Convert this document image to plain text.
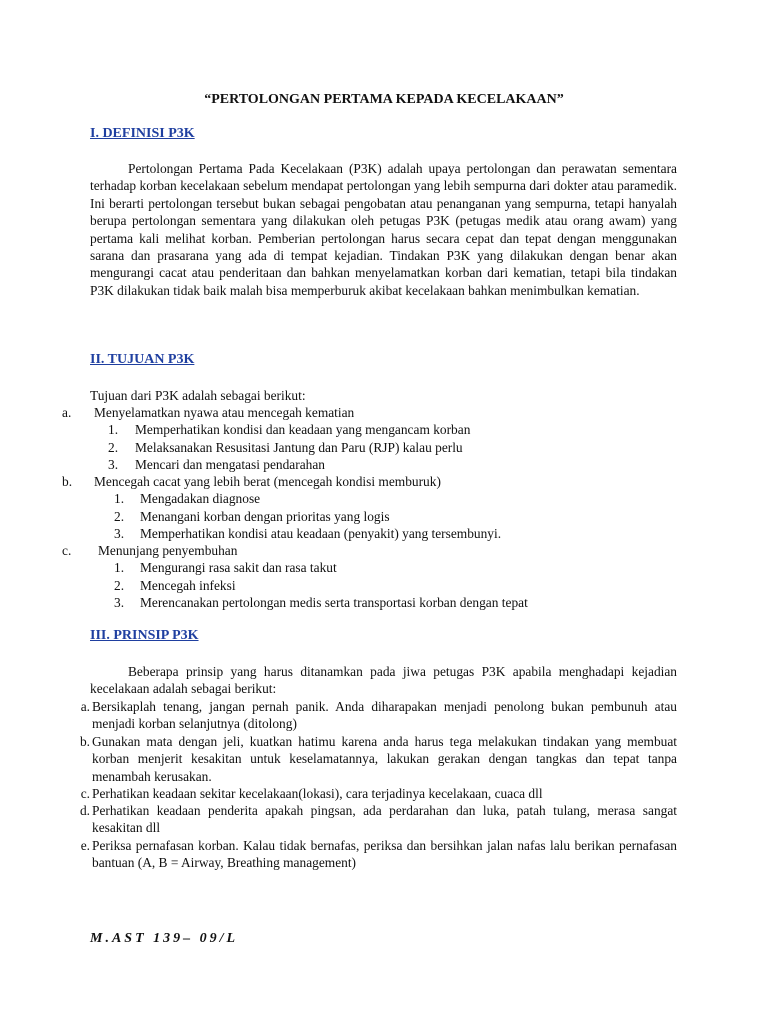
“PERTOLONGAN PERTAMA KEPADA KECELAKAAN”
I. DEFINISI P3K

Pertolongan Pertama Pada Kecelakaan (P3K) adalah upaya pertolongan dan perawatan sementara terhadap korban kecelakaan sebelum mendapat pertolongan yang lebih sempurna dari dokter atau paramedik. Ini berarti pertolongan tersebut bukan sebagai pengobatan atau penanganan yang sempurna, tetapi hanyalah berupa pertolongan sementara yang dilakukan oleh petugas P3K (petugas medik atau orang awam) yang pertama kali melihat korban. Pemberian pertolongan harus secara cepat dan tepat dengan menggunakan sarana dan prasarana yang ada di tempat kejadian. Tindakan P3K yang dilakukan dengan benar akan mengurangi cacat atau penderitaan dan bahkan menyelamatkan korban dari kematian, tetapi bila tindakan P3K dilakukan tidak baik malah bisa memperburuk akibat kecelakaan bahkan menimbulkan kematian.

II. TUJUAN P3K

Tujuan dari P3K adalah sebagai berikut:

a. Menyelamatkan nyawa atau mencegah kematian
1. Memperhatikan kondisi dan keadaan yang mengancam korban
2. Melaksanakan Resusitasi Jantung dan Paru (RJP) kalau perlu
3. Mencari dan mengatasi pendarahan
b. Mencegah cacat yang lebih berat (mencegah kondisi memburuk)
1. Mengadakan diagnose
2. Menangani korban dengan prioritas yang logis
3. Memperhatikan kondisi atau keadaan (penyakit) yang tersembunyi.
c. Menunjang penyembuhan
1. Mengurangi rasa sakit dan rasa takut
2. Mencegah infeksi
3. Merencanakan pertolongan medis serta transportasi korban dengan tepat
III. PRINSIP P3K

Beberapa prinsip yang harus ditanamkan pada jiwa petugas P3K apabila menghadapi kejadian kecelakaan adalah sebagai berikut:

a. Bersikaplah tenang, jangan pernah panik. Anda diharapakan menjadi penolong bukan pembunuh atau menjadi korban selanjutnya (ditolong)
b. Gunakan mata dengan jeli, kuatkan hatimu karena anda harus tega melakukan tindakan yang membuat korban menjerit kesakitan untuk keselamatannya, lakukan gerakan dengan tangkas dan tepat tanpa menambah kerusakan.
c. Perhatikan keadaan sekitar kecelakaan(lokasi), cara terjadinya kecelakaan, cuaca dll
d. Perhatikan keadaan penderita apakah pingsan, ada perdarahan dan luka, patah tulang, merasa sangat kesakitan dll
e. Periksa pernafasan korban. Kalau tidak bernafas, periksa dan bersihkan jalan nafas lalu berikan pernafasan bantuan (A, B = Airway, Breathing management)

M.AST 139– 09/L
